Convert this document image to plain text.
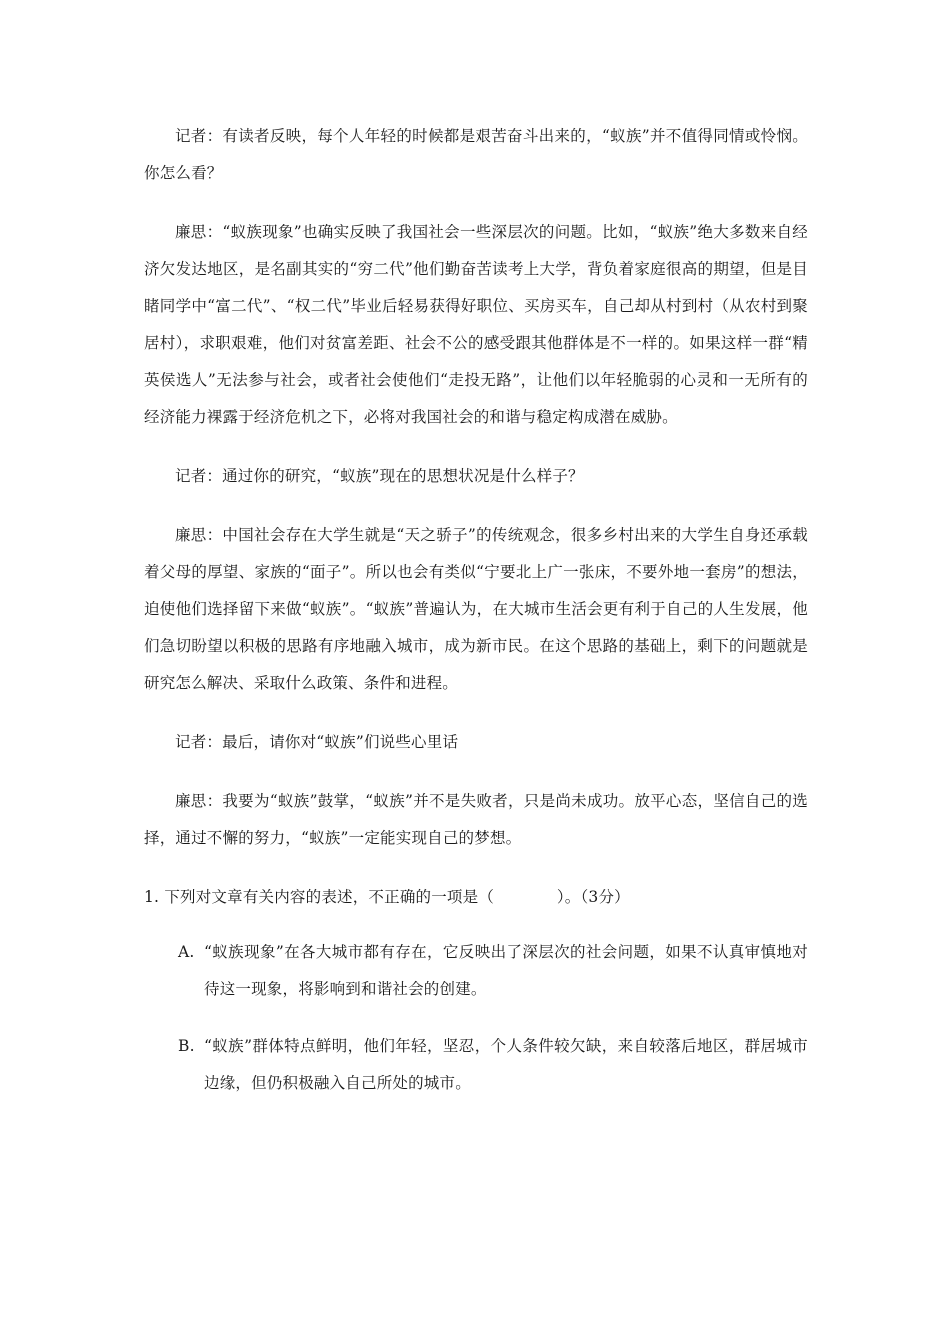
记者：有读者反映，每个人年轻的时候都是艰苦奋斗出来的，“蚁族”并不值得同情或怜悯。你怎么看？

廉思：“蚁族现象”也确实反映了我国社会一些深层次的问题。比如，“蚁族”绝大多数来自经济欠发达地区，是名副其实的“穷二代”他们勤奋苦读考上大学，背负着家庭很高的期望，但是目睹同学中“富二代”、“权二代”毕业后轻易获得好职位、买房买车，自己却从村到村（从农村到聚居村），求职艰难，他们对贫富差距、社会不公的感受跟其他群体是不一样的。如果这样一群“精英侯选人”无法参与社会，或者社会使他们“走投无路”，让他们以年轻脆弱的心灵和一无所有的经济能力裸露于经济危机之下，必将对我国社会的和谐与稳定构成潜在威胁。

记者：通过你的研究，“蚁族”现在的思想状况是什么样子？

廉思：中国社会存在大学生就是“天之骄子”的传统观念，很多乡村出来的大学生自身还承载着父母的厚望、家族的“面子”。所以也会有类似“宁要北上广一张床，不要外地一套房”的想法，迫使他们选择留下来做“蚁族”。“蚁族”普遍认为，在大城市生活会更有利于自己的人生发展，他们急切盼望以积极的思路有序地融入城市，成为新市民。在这个思路的基础上，剩下的问题就是研究怎么解决、采取什么政策、条件和进程。

记者：最后，请你对“蚁族”们说些心里话

廉思：我要为“蚁族”鼓掌，“蚁族”并不是失败者，只是尚未成功。放平心态，坚信自己的选择，通过不懈的努力，“蚁族”一定能实现自己的梦想。

1. 下列对文章有关内容的表述，不正确的一项是（　　　　）。（3分）

A. “蚁族现象”在各大城市都有存在，它反映出了深层次的社会问题，如果不认真审慎地对待这一现象，将影响到和谐社会的创建。
B. “蚁族”群体特点鲜明，他们年轻，坚忍，个人条件较欠缺，来自较落后地区，群居城市边缘，但仍积极融入自己所处的城市。
